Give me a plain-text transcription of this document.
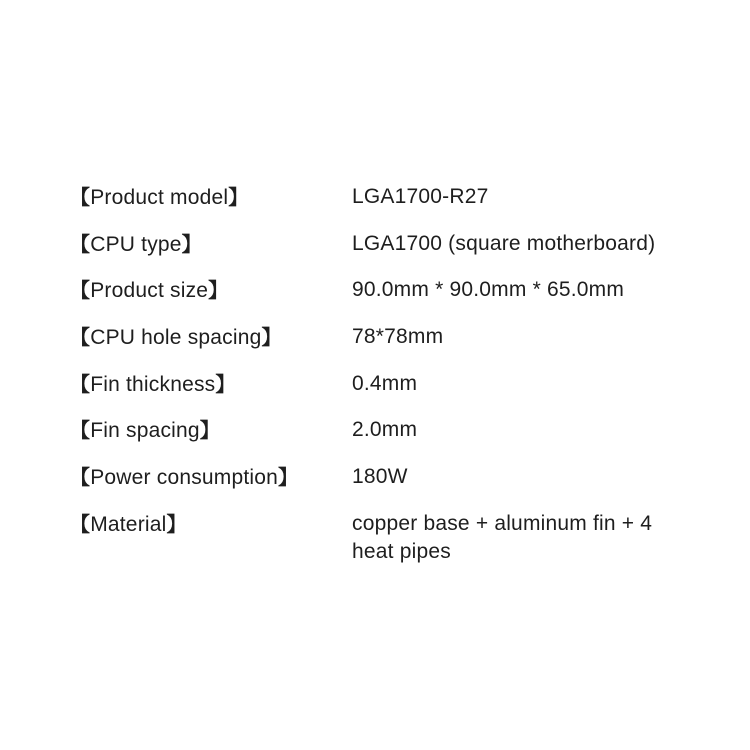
【Product model】	LGA1700-R27
【CPU type】	LGA1700 (square motherboard)
【Product size】	90.0mm * 90.0mm * 65.0mm
【CPU hole spacing】	78*78mm
【Fin thickness】	0.4mm
【Fin spacing】	2.0mm
【Power consumption】	180W
【Material】	copper base + aluminum fin + 4 heat pipes
